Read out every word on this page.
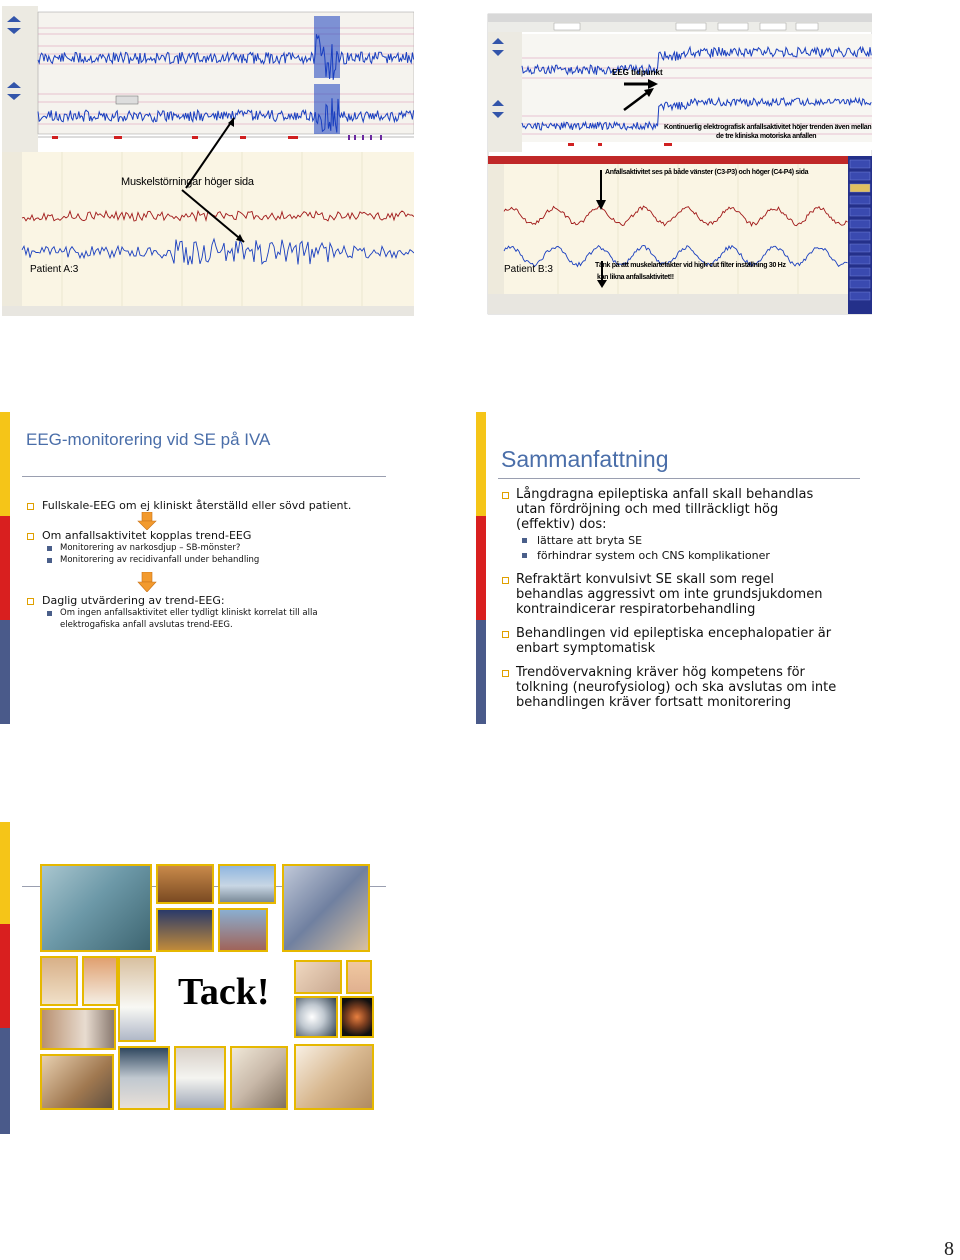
Muskelstörningar höger sida
Patient A:3
EEG tidpunkt
Kontinuerlig elektrografisk anfallsaktivitet höjer trenden även mellan
de tre kliniska motoriska anfallen
Anfallsaktivitet ses på både vänster (C3-P3) och höger (C4-P4) sida
Patient B:3	Tänk på att muskelartefakter vid high cut filter inställning 30 Hz
kan likna anfallsaktivitet!!
EEG-monitorering vid SE på IVA
Fullskale-EEG om ej kliniskt återställd eller sövd patient.
Om anfallsaktivitet kopplas trend-EEG
Monitorering av narkosdjup – SB-mönster?
Monitorering av recidivanfall under behandling
Daglig utvärdering av trend-EEG:
Om ingen anfallsaktivitet eller tydligt kliniskt korrelat till alla
elektrogafiska anfall avslutas trend-EEG.
Sammanfattning
Långdragna epileptiska anfall skall behandlas
utan fördröjning och med tillräckligt hög
(effektiv) dos:
lättare att bryta SE
förhindrar system och CNS komplikationer
Refraktärt konvulsivt SE skall som regel
behandlas aggressivt om inte grundsjukdomen
kontraindicerar respiratorbehandling
Behandlingen vid epileptiska encephalopatier är
enbart symptomatisk
Trendövervakning kräver hög kompetens för
tolkning (neurofysiolog) och ska avslutas om inte
behandlingen kräver fortsatt monitorering
Tack!
8
